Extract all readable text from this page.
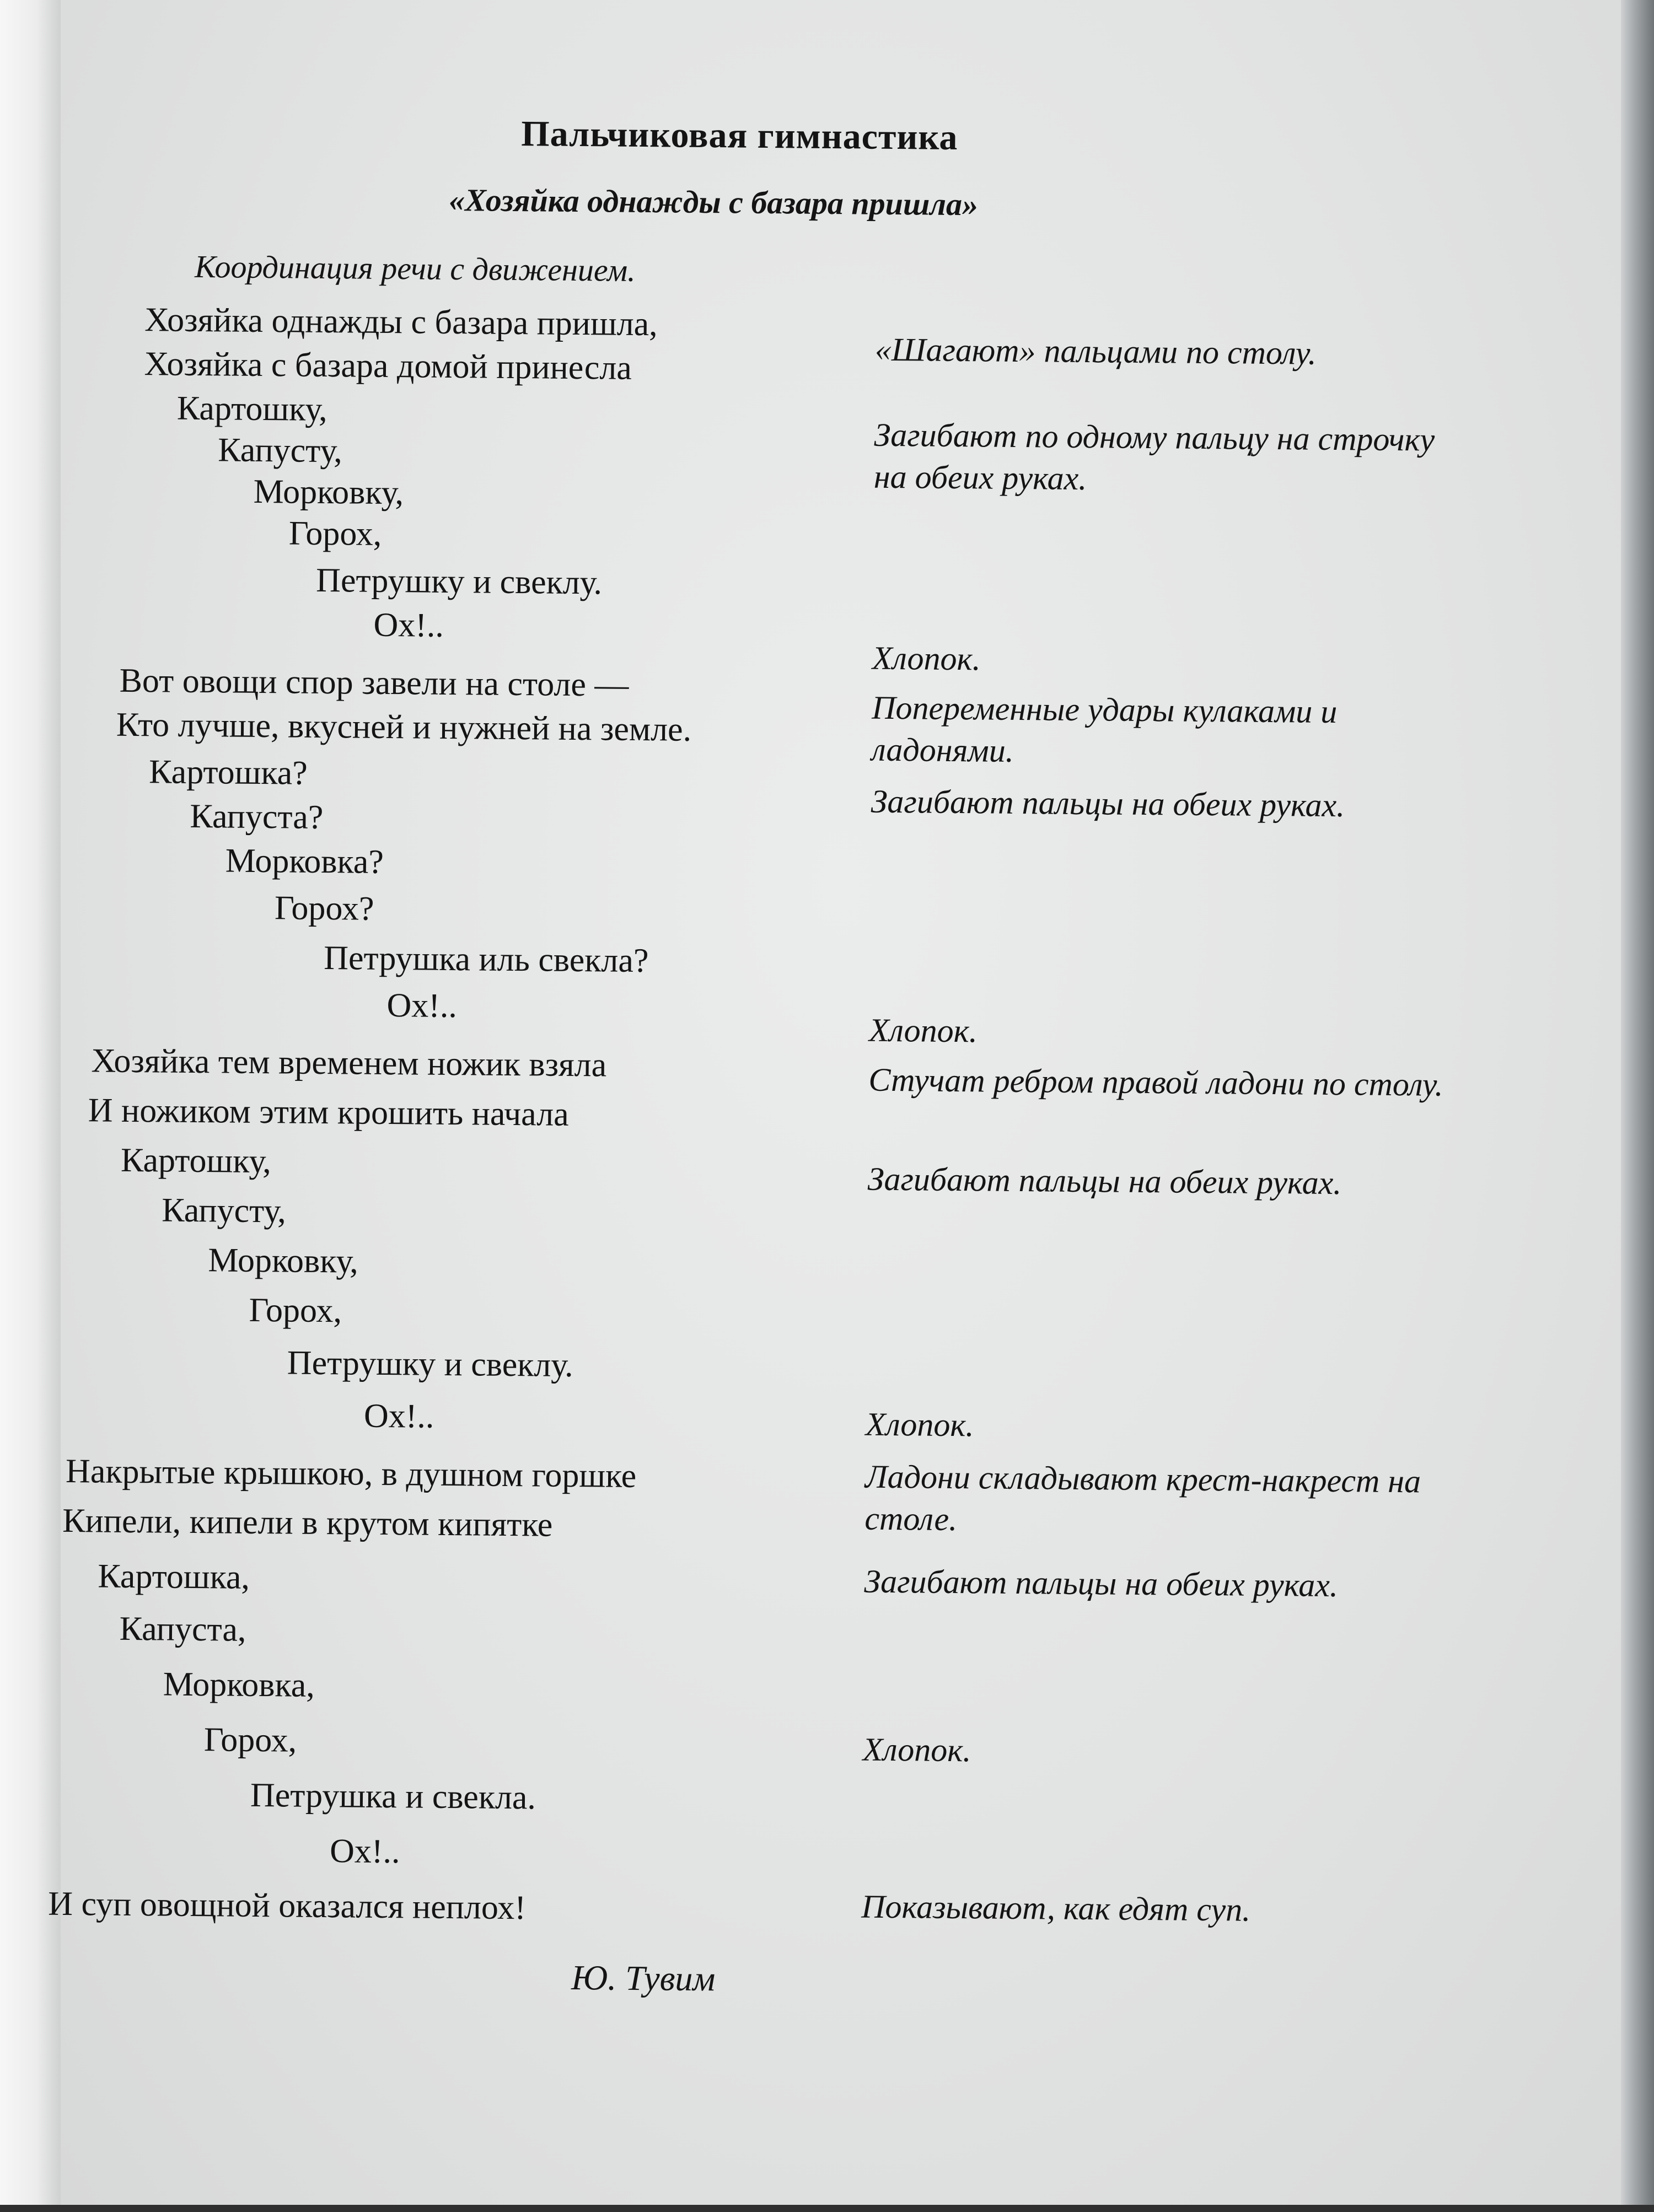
Пальчиковая гимнастика
«Хозяйка однажды с базара пришла»
Координация речи с движением.
Хозяйка однажды с базара пришла,
Хозяйка с базара домой принесла
Картошку,
Капусту,
Морковку,
Горох,
Петрушку и свеклу.
Ох!..
Вот овощи спор завели на столе —
Кто лучше, вкусней и нужней на земле.
Картошка?
Капуста?
Морковка?
Горох?
Петрушка иль свекла?
Ох!..
Хозяйка тем временем ножик взяла
И ножиком этим крошить начала
Картошку,
Капусту,
Морковку,
Горох,
Петрушку и свеклу.
Ох!..
Накрытые крышкою, в душном горшке
Кипели, кипели в крутом кипятке
Картошка,
Капуста,
Морковка,
Горох,
Петрушка и свекла.
Ох!..
И суп овощной оказался неплох!
«Шагают» пальцами по столу.
Загибают по одному пальцу на строчку на обеих руках.
Хлопок.
Попеременные удары кулаками и ладонями.
Загибают пальцы на обеих руках.
Хлопок.
Стучат ребром правой ладони по столу.
Загибают пальцы на обеих руках.
Хлопок.
Ладони складывают крест-накрест на столе.
Загибают пальцы на обеих руках.
Хлопок.
Показывают, как едят суп.
Ю. Тувим
